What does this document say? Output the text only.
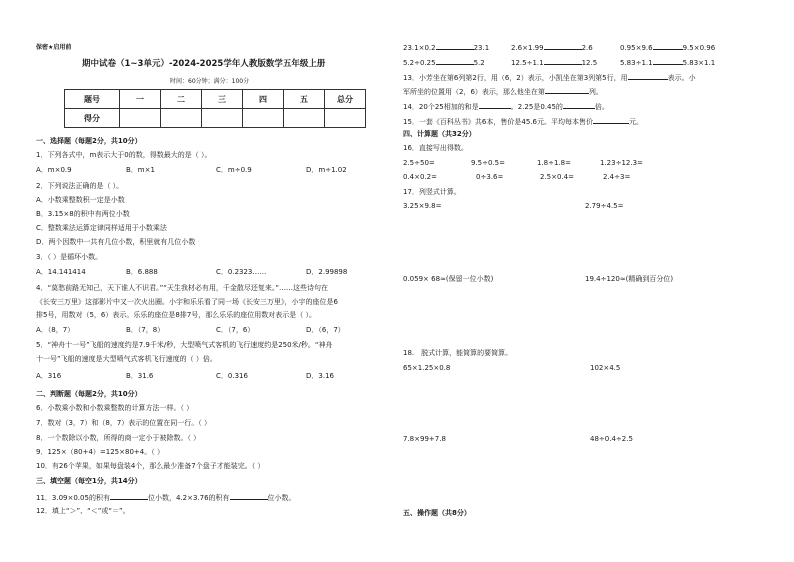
保密★启用前
期中试卷（1~3单元）-2024-2025学年人教版数学五年级上册
时间：60分钟；满分：100分
题号	一	二	三	四	五	总分
得分						
一、选择题（每题2分，共10分）
1．下列各式中，m表示大于0的数，得数最大的是（ ）。
A．m×0.9	B．m×1	C．m÷0.9	D．m÷1.02
2．下列说法正确的是（ ）。
A．小数乘整数积一定是小数
B．3.15×8的积中有两位小数
C．整数乘法运算定律同样适用于小数乘法
D．两个因数中一共有几位小数，积里就有几位小数
3．（ ）是循环小数。
A．14.141414	B．6.888	C．0.2323……	D．2.99898
4．“莫愁前路无知己，天下谁人不识君。”“天生我材必有用，千金散尽还复来。”……这些诗句在
《长安三万里》这部影片中又一次火出圈。小宇和乐乐看了同一场《长安三万里》，小宇的座位是6
排5号，用数对（5，6）表示。乐乐的座位是8排7号，那么乐乐的座位用数对表示是（ ）。
A．（8，7）	B．（7，8）	C．（7，6）	D．（6，7）
5．“神舟十一号”飞船的速度约是7.9千米/秒，大型喷气式客机的飞行速度约是250米/秒。“神舟
十一号”飞船的速度是大型喷气式客机飞行速度的（ ）倍。
A．316	B．31.6	C．0.316	D．3.16
二、判断题（每题2分，共10分）
6．小数乘小数和小数乘整数的计算方法一样。（ ）
7．数对（3，7）和（8，7）表示的位置在同一行。（ ）
8．一个数除以小数，所得的商一定小于被除数。（ ）
9．125×（80+4）=125×80+4。（ ）
10．有26个苹果，如果每盘装4个，那么最少准备7个盘子才能装完。（ ）
三、填空题（每空1分，共14分）
11．3.09×0.05的积有	位小数，4.2×3.76的积有	位小数。
12．填上“＞”、“＜”或“＝”。
23.1×0.2	23.1	2.6×1.99	2.6	0.95×9.6	9.5×0.96
5.2÷0.25	5.2	12.5÷1.1	12.5	5.83÷1.1	5.83×1.1
13．小芳坐在第6列第2行，用（6，2）表示，小凯坐在第3列第5行，用	表示。小
军所坐的位置用（2，6）表示，那么他坐在第	列。
14．20个25相加的和是	。2.25是0.45的	倍。
15．一套《百科丛书》共6本，售价是45.6元。平均每本售价	元。
四、计算题（共32分）
16．直接写出得数。
2.5÷50=	9.5÷0.5=	1.8÷1.8=	1.23÷12.3=
0.4×0.2=	0÷3.6=	2.5×0.4=	2.4÷3=
17．列竖式计算。
3.25×9.8=	2.79÷4.5=
0.059× 68≈(保留一位小数)	19.4÷120≈(精确到百分位)
18.　脱式计算，能简算的要简算。
65×1.25×0.8	102×4.5
7.8×99+7.8	48÷0.4÷2.5
五、操作题（共8分）
